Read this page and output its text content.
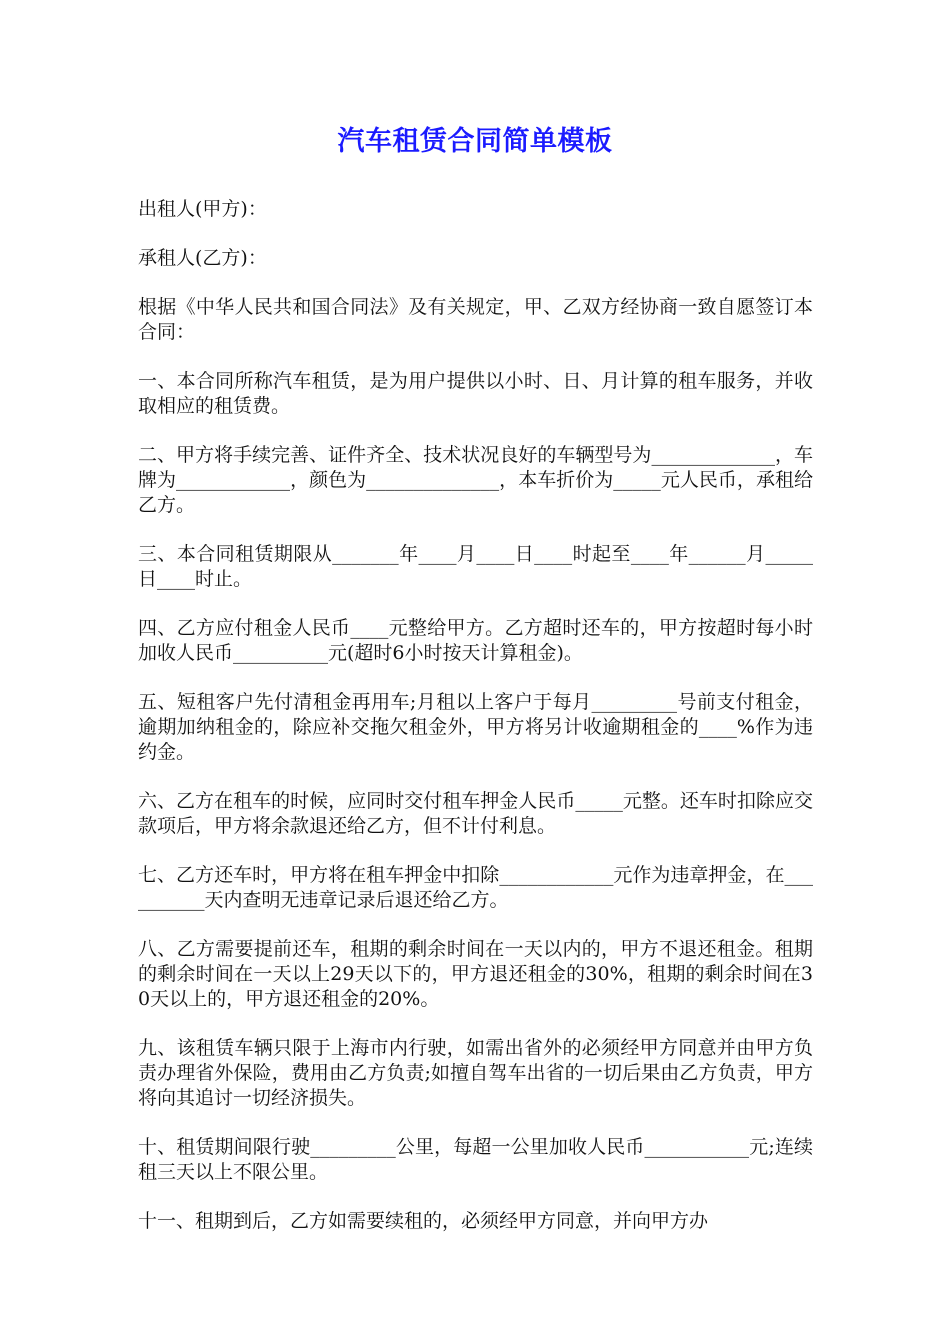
汽车租赁合同简单模板

出租人(甲方)：

承租人(乙方)：

根据《中华人民共和国合同法》及有关规定，甲、乙双方经协商一致自愿签订本合同：

一、本合同所称汽车租赁，是为用户提供以小时、日、月计算的租车服务，并收取相应的租赁费。

二、甲方将手续完善、证件齐全、技术状况良好的车辆型号为_____________，车牌为____________，颜色为______________，本车折价为_____元人民币，承租给乙方。

三、本合同租赁期限从_______年____月____日____时起至____年______月_____日____时止。

四、乙方应付租金人民币____元整给甲方。乙方超时还车的，甲方按超时每小时加收人民币__________元(超时6小时按天计算租金)。

五、短租客户先付清租金再用车;月租以上客户于每月_________号前支付租金，逾期加纳租金的，除应补交拖欠租金外，甲方将另计收逾期租金的____%作为违约金。

六、乙方在租车的时候，应同时交付租车押金人民币_____元整。还车时扣除应交款项后，甲方将余款退还给乙方，但不计付利息。

七、乙方还车时，甲方将在租车押金中扣除____________元作为违章押金，在__________天内查明无违章记录后退还给乙方。

八、乙方需要提前还车，租期的剩余时间在一天以内的，甲方不退还租金。租期的剩余时间在一天以上29天以下的，甲方退还租金的30%，租期的剩余时间在30天以上的，甲方退还租金的20%。

九、该租赁车辆只限于上海市内行驶，如需出省外的必须经甲方同意并由甲方负责办理省外保险，费用由乙方负责;如擅自驾车出省的一切后果由乙方负责，甲方将向其追讨一切经济损失。

十、租赁期间限行驶_________公里，每超一公里加收人民币___________元;连续租三天以上不限公里。

十一、租期到后，乙方如需要续租的，必须经甲方同意，并向甲方办
